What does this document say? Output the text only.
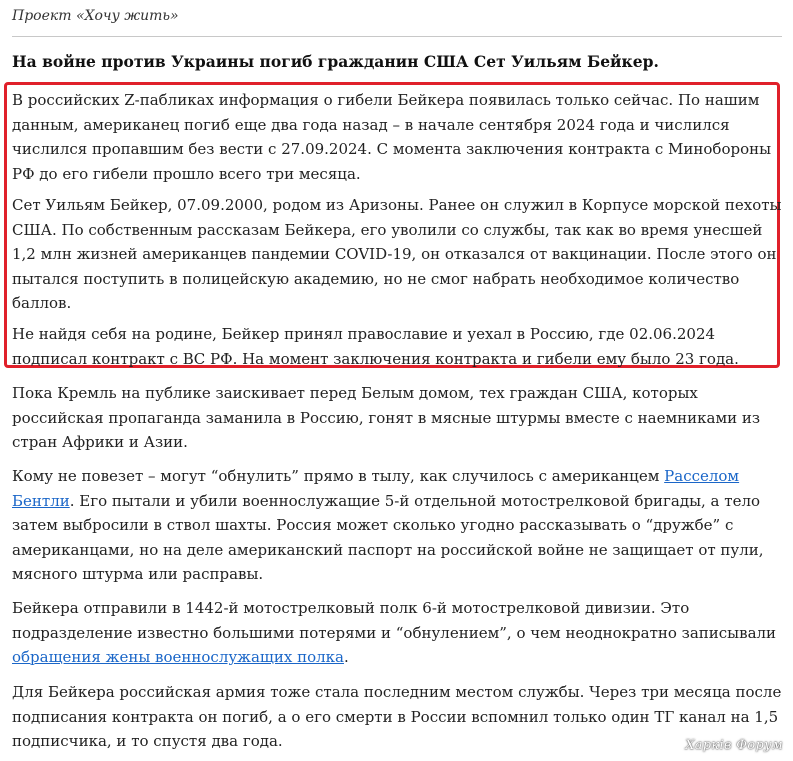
Проект «Хочу жить»
На войне против Украины погиб гражданин США Сет Уильям Бейкер.

В российских Z-пабликах информация о гибели Бейкера появилась только сейчас. По нашим данным, американец погиб еще два года назад – в начале сентября 2024 года и числился числился пропавшим без вести с 27.09.2024. С момента заключения контракта с Минобороны РФ до его гибели прошло всего три месяца.

Сет Уильям Бейкер, 07.09.2000, родом из Аризоны. Ранее он служил в Корпусе морской пехоты США. По собственным рассказам Бейкера, его уволили со службы, так как во время унесшей 1,2 млн жизней американцев пандемии COVID-19, он отказался от вакцинации. После этого он пытался поступить в полицейскую академию, но не смог набрать необходимое количество баллов.

Не найдя себя на родине, Бейкер принял православие и уехал в Россию, где 02.06.2024 подписал контракт с ВС РФ. На момент заключения контракта и гибели ему было 23 года.

Пока Кремль на публике заискивает перед Белым домом, тех граждан США, которых российская пропаганда заманила в Россию, гонят в мясные штурмы вместе с наемниками из стран Африки и Азии.

Кому не повезет – могут “обнулить” прямо в тылу, как случилось с американцем Расселом Бентли. Его пытали и убили военнослужащие 5-й отдельной мотострелковой бригады, а тело затем выбросили в ствол шахты. Россия может сколько угодно рассказывать о “дружбе” с американцами, но на деле американский паспорт на российской войне не защищает от пули, мясного штурма или расправы.

Бейкера отправили в 1442-й мотострелковый полк 6-й мотострелковой дивизии. Это подразделение известно большими потерями и “обнулением”, о чем неоднократно записывали обращения жены военнослужащих полка.

Для Бейкера российская армия тоже стала последним местом службы. Через три месяца после подписания контракта он погиб, а о его смерти в России вспомнил только один ТГ канал на 1,5 подписчика, и то спустя два года.	Харків Форум
